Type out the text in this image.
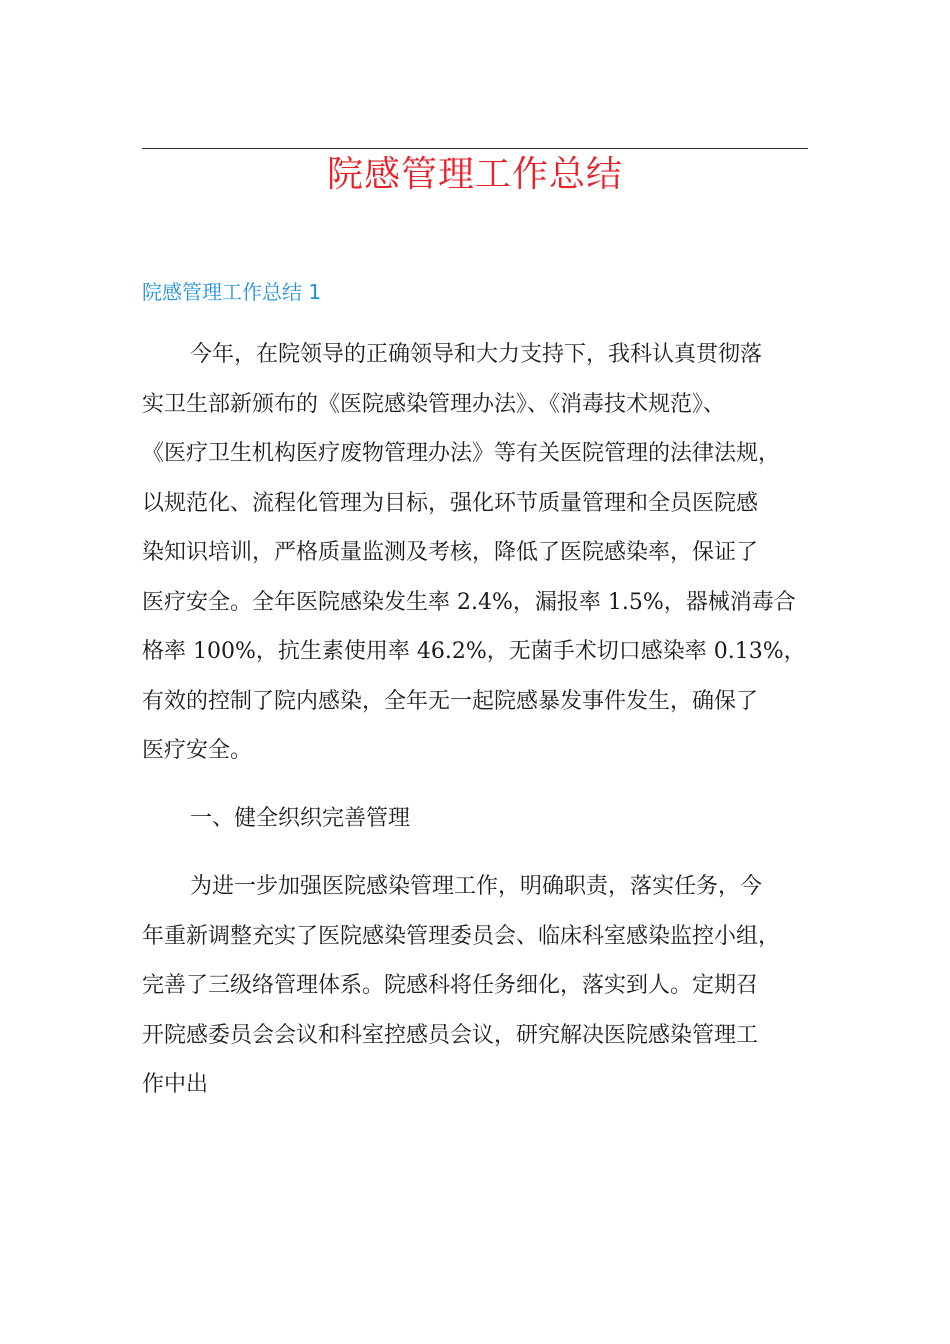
院感管理工作总结
院感管理工作总结 1
今年，在院领导的正确领导和大力支持下，我科认真贯彻落
实卫生部新颁布的《医院感染管理办法》、《消毒技术规范》、
《医疗卫生机构医疗废物管理办法》等有关医院管理的法律法规，
以规范化、流程化管理为目标，强化环节质量管理和全员医院感
染知识培训，严格质量监测及考核，降低了医院感染率，保证了
医疗安全。全年医院感染发生率 2.4%，漏报率 1.5%，器械消毒合
格率 100%，抗生素使用率 46.2%，无菌手术切口感染率 0.13%，
有效的控制了院内感染，全年无一起院感暴发事件发生，确保了
医疗安全。
一、健全织织完善管理
为进一步加强医院感染管理工作，明确职责，落实任务，今
年重新调整充实了医院感染管理委员会、临床科室感染监控小组，
完善了三级络管理体系。院感科将任务细化，落实到人。定期召
开院感委员会会议和科室控感员会议，研究解决医院感染管理工
作中出
